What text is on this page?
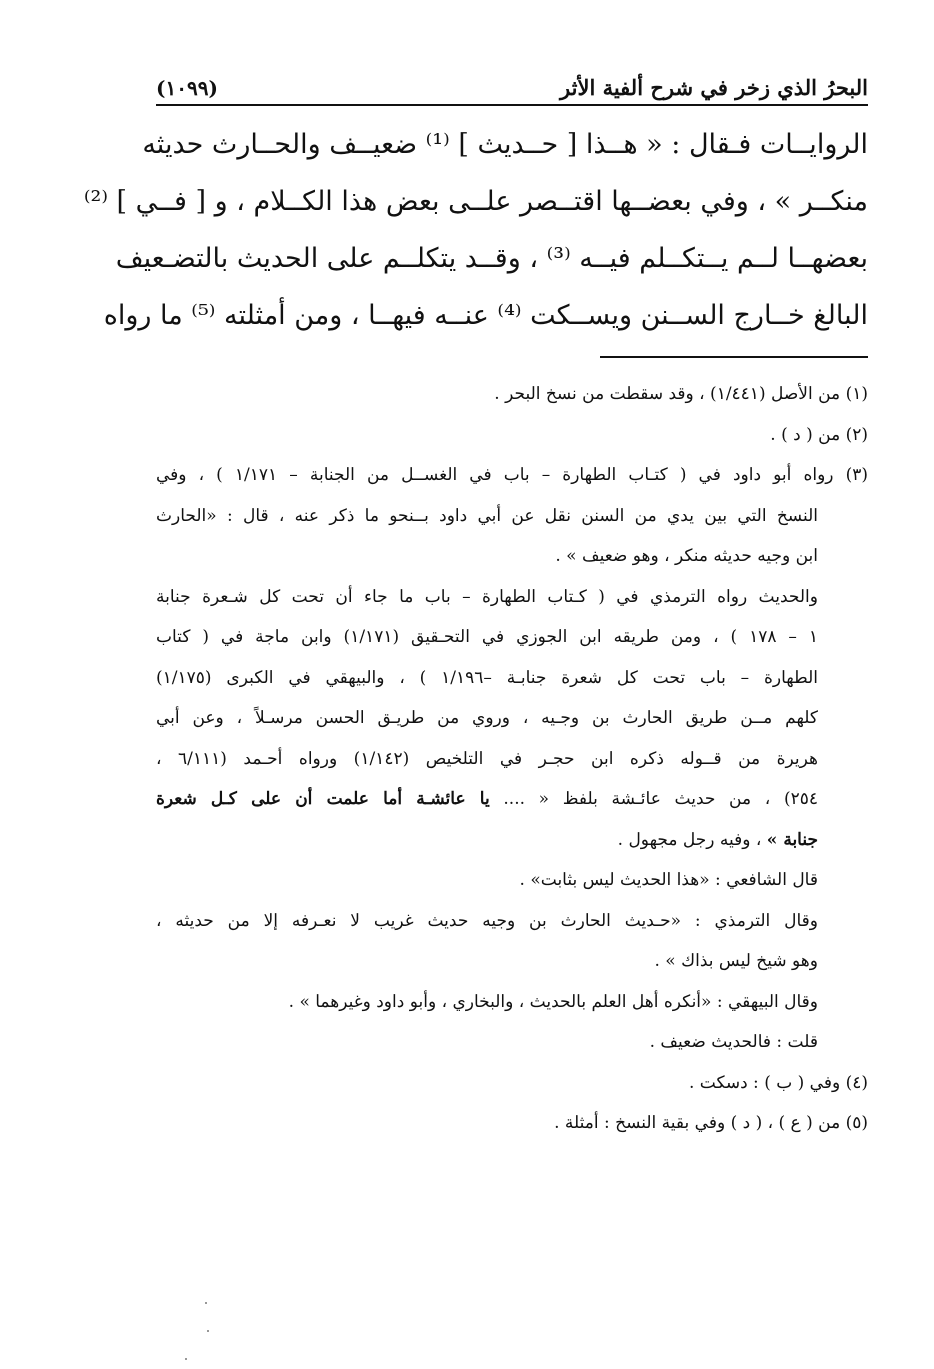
البحرُ الذي زخر في شرح ألفية الأثر
(١٠٩٩)
الروايــات فـقال : « هــذا [ حــديث ] ⁽¹⁾ ضعيــف والحــارث حديثه
منكــر » ، وفي بعضــها اقتــصر علــى بعض هذا الكــلام ، و [ فــي ] ⁽²⁾
بعضهــا لــم يــتكــلم فيــه ⁽³⁾ ، وقــد يتكلــم على الحديث بالتضـعيف
البالغ خــارج الســنن ويســكت ⁽⁴⁾ عنــه فيهــا ، ومن أمثلته ⁽⁵⁾ ما رواه
(١) من الأصل (١/٤٤١) ، وقد سقطت من نسخ البحر .
(٢) من ( د ) .
(٣) رواه أبو داود في ( كتـاب الطهارة – باب في الغســل من الجنابة – ١/١٧١ ) ، وفي
النسخ التي بين يدي من السنن نقل عن أبي داود بــنحو ما ذكر عنه ، قال : «الحارث
ابن وجيه حديثه منكر ، وهو ضعيف » .
والحديث رواه الترمذي في ( كـتاب الطهارة – باب ما جاء أن تحت كل شـعرة جنابة
١ – ١٧٨ ) ، ومن طريقه ابن الجوزي في التحـقيق (١/١٧١) وابن ماجة في ( كتاب
الطهارة – باب تحت كل شعرة جنابـة –١/١٩٦ ) ، والبيهقي في الكبرى (١/١٧٥)
كلهم مــن طريق الحارث بن وجـيه ، وروي من طريـق الحسن مرسـلاً ، وعن أبي
هريرة من قــوله ذكره ابن حجـر في التلخيص (١/١٤٢) ورواه أحـمد (٦/١١١ ،
٢٥٤) ، من حديث عائـشة بلفظ « .... يا عائشـة أما علمت أن على كـل شعرة
جنابة » ، وفيه رجل مجهول .
قال الشافعي : «هذا الحديث ليس بثابت» .
وقال الترمذي : «حـديث الحارث بن وجيه حديث غريب لا نعـرفه إلا من حديثه ،
وهو شيخ ليس بذاك » .
وقال البيهقي : «أنكره أهل العلم بالحديث ، والبخاري ، وأبو داود وغيرهما » .
قلت : فالحديث ضعيف .
(٤) وفي ( ب ) : دسكت .
(٥) من ( ع ) ، ( د ) وفي بقية النسخ : أمثلة .
